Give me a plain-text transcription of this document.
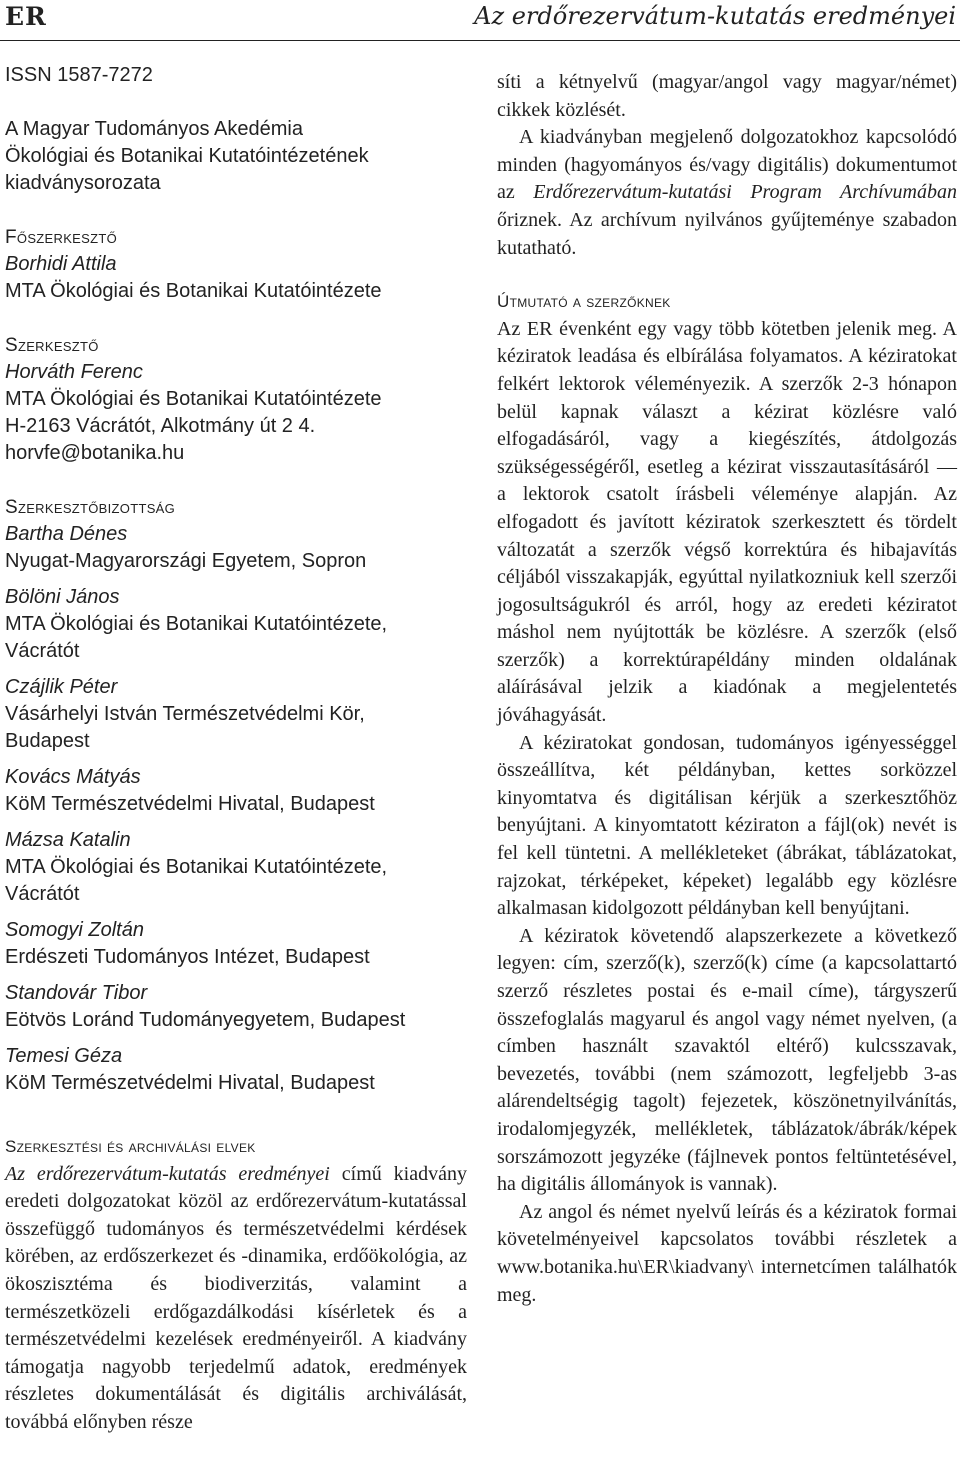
ER	Az erdőrezervátum-kutatás eredményei

ISSN 1587-7272

A Magyar Tudományos Akedémia

Ökológiai és Botanikai Kutatóintézetének

kiadványsorozata

Főszerkesztő

Borhidi Attila

MTA Ökológiai és Botanikai Kutatóintézete

Szerkesztő

Horváth Ferenc

MTA Ökológiai és Botanikai Kutatóintézete

H-2163 Vácrátót, Alkotmány út 2 4.

horvfe@botanika.hu

Szerkesztőbizottság

Bartha Dénes

Nyugat-Magyarországi Egyetem, Sopron

Bölöni János

MTA Ökológiai és Botanikai Kutatóintézete,

Vácrátót

Czájlik Péter

Vásárhelyi István Természetvédelmi Kör,

Budapest

Kovács Mátyás

KöM Természetvédelmi Hivatal, Budapest

Mázsa Katalin

MTA Ökológiai és Botanikai Kutatóintézete,

Vácrátót

Somogyi Zoltán

Erdészeti Tudományos Intézet, Budapest

Standovár Tibor

Eötvös Loránd Tudományegyetem, Budapest

Temesi Géza

KöM Természetvédelmi Hivatal, Budapest

Szerkesztési és archiválási elvek

Az erdőrezervátum-kutatás eredményei című kiadvány eredeti dolgozatokat közöl az erdőrezervátum-kutatással összefüggő tudományos és természetvédelmi kérdések körében, az erdőszerkezet és -dinamika, erdőökológia, az ökoszisztéma és biodiverzitás, valamint a természetközeli erdőgazdálkodási kísérletek és a természetvédelmi kezelések eredményeiről. A kiadvány támogatja nagyobb terjedelmű adatok, eredmények részletes dokumentálását és digitális archiválását, továbbá előnyben része

síti a kétnyelvű (magyar/angol vagy magyar/német) cikkek közlését.

A kiadványban megjelenő dolgozatokhoz kapcsolódó minden (hagyományos és/vagy digitális) dokumentumot az Erdőrezervátum-kutatási Program Archívumában őriznek. Az archívum nyilvános gyűjteménye szabadon kutatható.

Útmutató a szerzőknek

Az ER évenként egy vagy több kötetben jelenik meg. A kéziratok leadása és elbírálása folyamatos. A kéziratokat felkért lektorok véleményezik. A szerzők 2-3 hónapon belül kapnak választ a kézirat közlésre való elfogadásáról, vagy a kiegészítés, átdolgozás szükségességéről, esetleg a kézirat visszautasításáról — a lektorok csatolt írásbeli véleménye alapján. Az elfogadott és javított kéziratok szerkesztett és tördelt változatát a szerzők végső korrektúra és hibajavítás céljából visszakapják, egyúttal nyilatkozniuk kell szerzői jogosultságukról és arról, hogy az eredeti kéziratot máshol nem nyújtották be közlésre. A szerzők (első szerzők) a korrektúrapéldány minden oldalának aláírásával jelzik a kiadónak a megjelentetés jóváhagyását.

A kéziratokat gondosan, tudományos igényességgel összeállítva, két példányban, kettes sorközzel kinyomtatva és digitálisan kérjük a szerkesztőhöz benyújtani. A kinyomtatott kéziraton a fájl(ok) nevét is fel kell tüntetni. A mellékleteket (ábrákat, táblázatokat, rajzokat, térképeket, képeket) legalább egy közlésre alkalmasan kidolgozott példányban kell benyújtani.

A kéziratok követendő alapszerkezete a következő legyen: cím, szerző(k), szerző(k) címe (a kapcsolattartó szerző részletes postai és e-mail címe), tárgyszerű összefoglalás magyarul és angol vagy német nyelven, (a címben használt szavaktól eltérő) kulcsszavak, bevezetés, további (nem számozott, legfeljebb 3-as alárendeltségig tagolt) fejezetek, köszönetnyilvánítás, irodalomjegyzék, mellékletek, táblázatok/ábrák/képek sorszámozott jegyzéke (fájlnevek pontos feltüntetésével, ha digitális állományok is vannak).

Az angol és német nyelvű leírás és a kéziratok formai követelményeivel kapcsolatos további részletek a www.botanika.hu\ER\kiadvany\ internetcímen találhatók meg.
